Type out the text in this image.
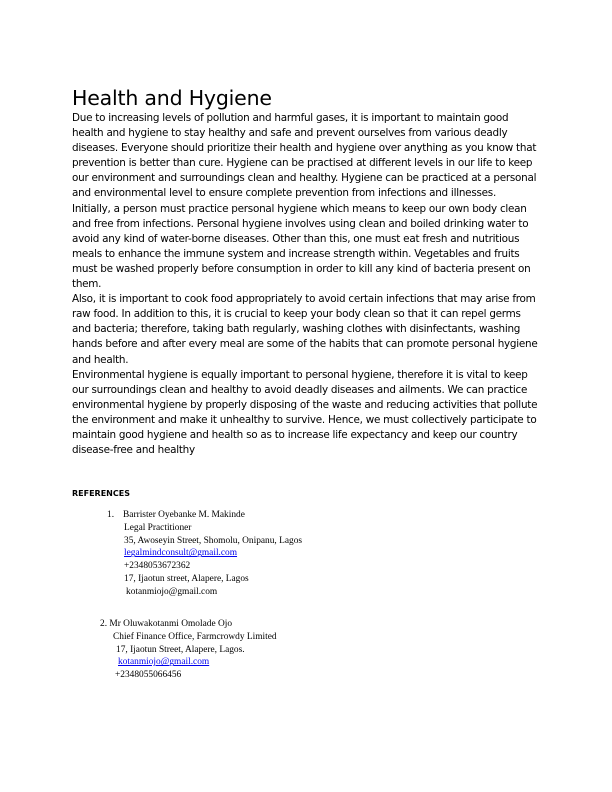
Health and Hygiene

Due to increasing levels of pollution and harmful gases, it is important to maintain good health and hygiene to stay healthy and safe and prevent ourselves from various deadly diseases. Everyone should prioritize their health and hygiene over anything as you know that prevention is better than cure. Hygiene can be practised at different levels in our life to keep our environment and surroundings clean and healthy. Hygiene can be practiced at a personal and environmental level to ensure complete prevention from infections and illnesses.

Initially, a person must practice personal hygiene which means to keep our own body clean and free from infections. Personal hygiene involves using clean and boiled drinking water to avoid any kind of water-borne diseases. Other than this, one must eat fresh and nutritious meals to enhance the immune system and increase strength within. Vegetables and fruits must be washed properly before consumption in order to kill any kind of bacteria present on them.

Also, it is important to cook food appropriately to avoid certain infections that may arise from raw food. In addition to this, it is crucial to keep your body clean so that it can repel germs and bacteria; therefore, taking bath regularly, washing clothes with disinfectants, washing hands before and after every meal are some of the habits that can promote personal hygiene and health.

Environmental hygiene is equally important to personal hygiene, therefore it is vital to keep our surroundings clean and healthy to avoid deadly diseases and ailments. We can practice environmental hygiene by properly disposing of the waste and reducing activities that pollute the environment and make it unhealthy to survive. Hence, we must collectively participate to maintain good hygiene and health so as to increase life expectancy and keep our country disease-free and healthy

REFERENCES
1. Barrister Oyebanke M. Makinde
Legal Practitioner
35, Awoseyin Street, Shomolu, Onipanu, Lagos
legalmindconsult@gmail.com
+2348053672362
17, Ijaotun street, Alapere, Lagos
kotanmiojo@gmail.com
2. Mr Oluwakotanmi Omolade Ojo
Chief Finance Office, Farmcrowdy Limited
17, Ijaotun Street, Alapere, Lagos.
kotanmiojo@gmail.com
+2348055066456
